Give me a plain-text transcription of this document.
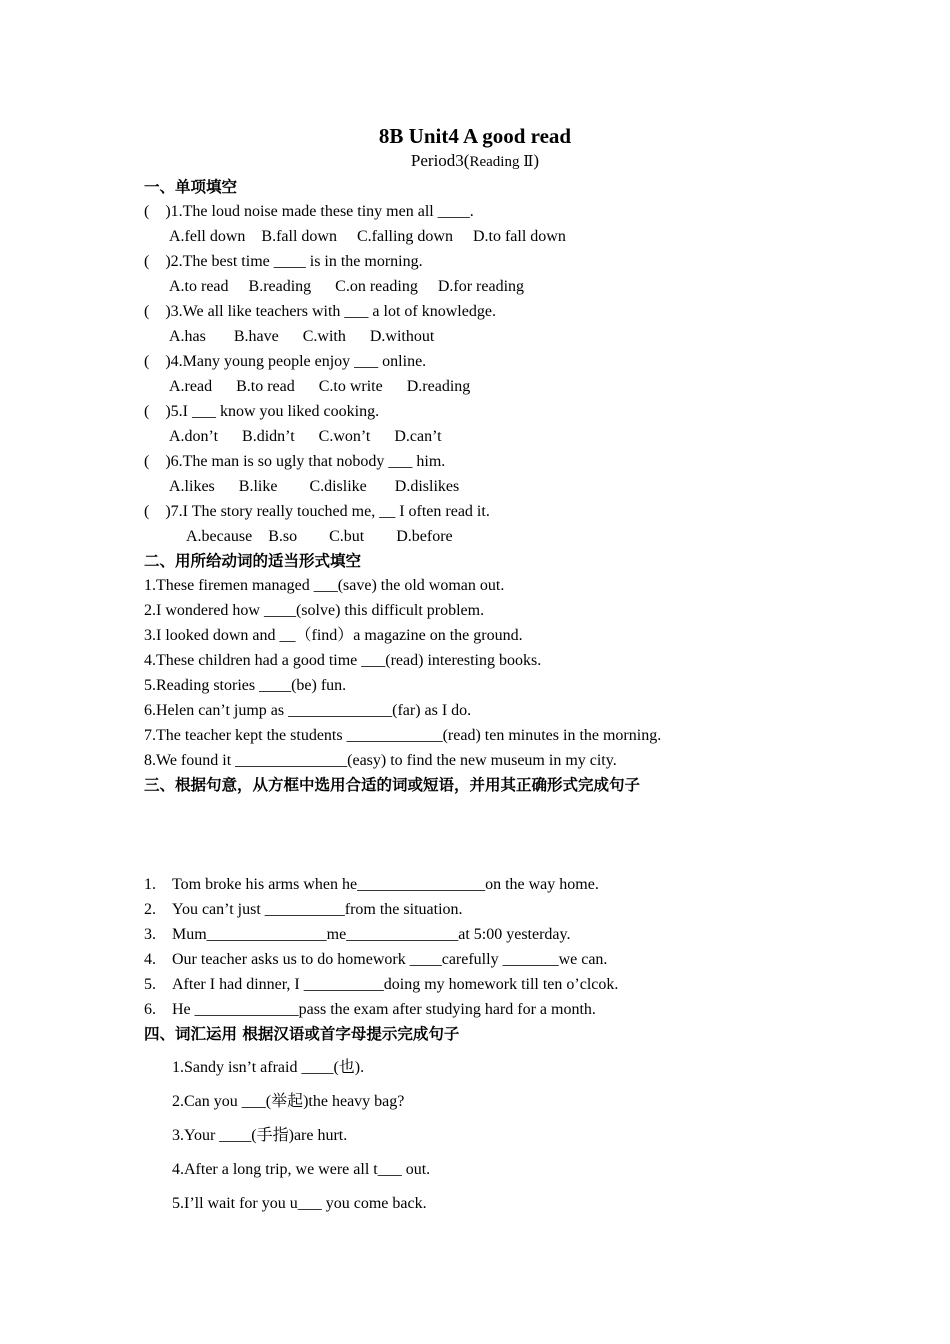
8B Unit4 A good read
Period3(Reading Ⅱ)
一、单项填空
(    )1.The loud noise made these tiny men all ____.
A.fell down    B.fall down     C.falling down     D.to fall down
(    )2.The best time ____ is in the morning.
A.to read     B.reading      C.on reading     D.for reading
(    )3.We all like teachers with ___ a lot of knowledge.
A.has       B.have      C.with      D.without
(    )4.Many young people enjoy ___ online.
A.read      B.to read      C.to write      D.reading
(    )5.I ___ know you liked cooking.
A.don’t      B.didn’t      C.won’t      D.can’t
(    )6.The man is so ugly that nobody ___ him.
A.likes      B.like        C.dislike       D.dislikes
(    )7.I The story really touched me, __ I often read it.
A.because    B.so        C.but        D.before
二、用所给动词的适当形式填空
1.These firemen managed ___(save) the old woman out.
2.I wondered how ____(solve) this difficult problem.
3.I looked down and __（find）a magazine on the ground.
4.These children had a good time ___(read) interesting books.
5.Reading stories ____(be) fun.
6.Helen can’t jump as _____________(far) as I do.
7.The teacher kept the students ____________(read) ten minutes in the morning.
8.We found it ______________(easy) to find the new museum in my city.
三、根据句意，从方框中选用合适的词或短语，并用其正确形式完成句子
1. Tom broke his arms when he________________on the way home.
2. You can’t just __________from the situation.
3. Mum_______________me______________at 5:00 yesterday.
4. Our teacher asks us to do homework ____carefully _______we can.
5. After I had dinner, I __________doing my homework till ten o’clcok.
6. He _____________pass the exam after studying hard for a month.
四、词汇运用 根据汉语或首字母提示完成句子
1.Sandy isn’t afraid ____(也).
2.Can you ___(举起)the heavy bag?
3.Your ____(手指)are hurt.
4.After a long trip, we were all t___ out.
5.I’ll wait for you u___ you come back.
